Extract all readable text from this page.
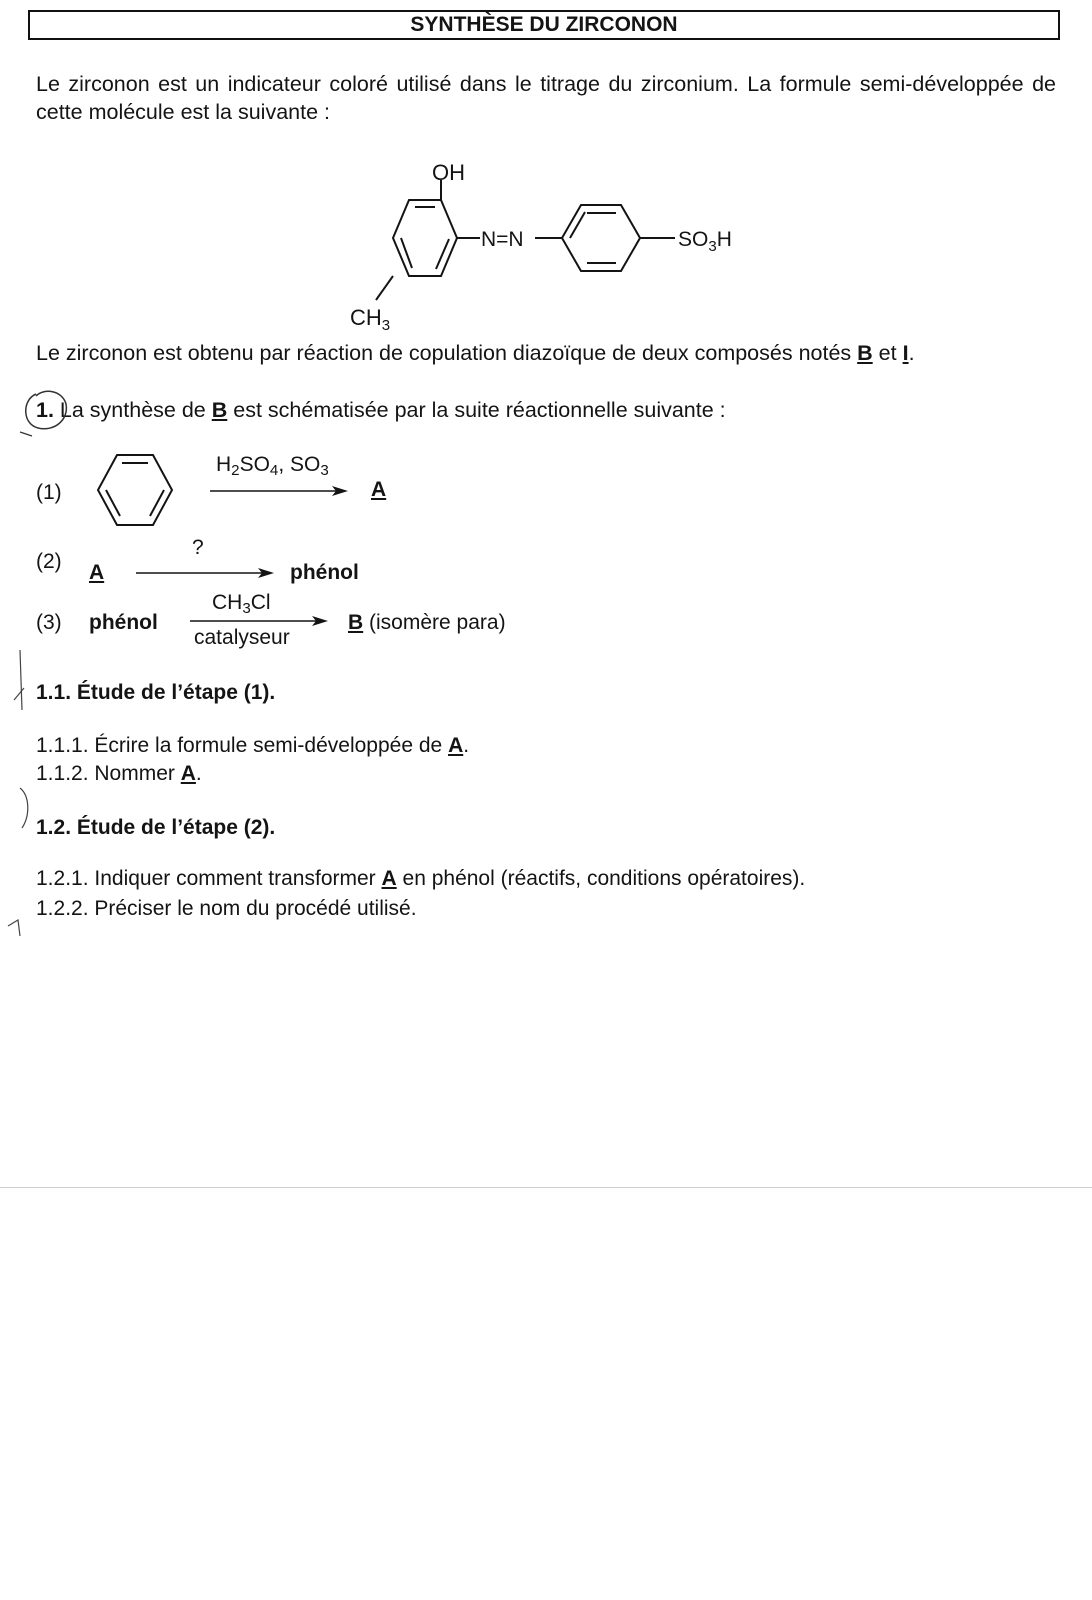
SYNTHÈSE DU ZIRCONON
Le zirconon est un indicateur coloré utilisé dans le titrage du zirconium. La formule semi-développée de cette molécule est la suivante :
OH
N=N	$SO_3H$
$CH_3$
Le zirconon est obtenu par réaction de copulation diazoïque de deux composés notés B et I.
1. La synthèse de B est schématisée par la suite réactionnelle suivante :
(1)
$H_2SO_4$, $SO_3$
A
(2) A
?
phénol
(3) phénol
$CH_3Cl$
catalyseur
B (isomère para)
1.1. Étude de l’étape (1).
1.1.1. Écrire la formule semi-développée de A.
1.1.2. Nommer A.
1.2. Étude de l’étape (2).
1.2.1. Indiquer comment transformer A en phénol (réactifs, conditions opératoires).
1.2.2. Préciser le nom du procédé utilisé.
